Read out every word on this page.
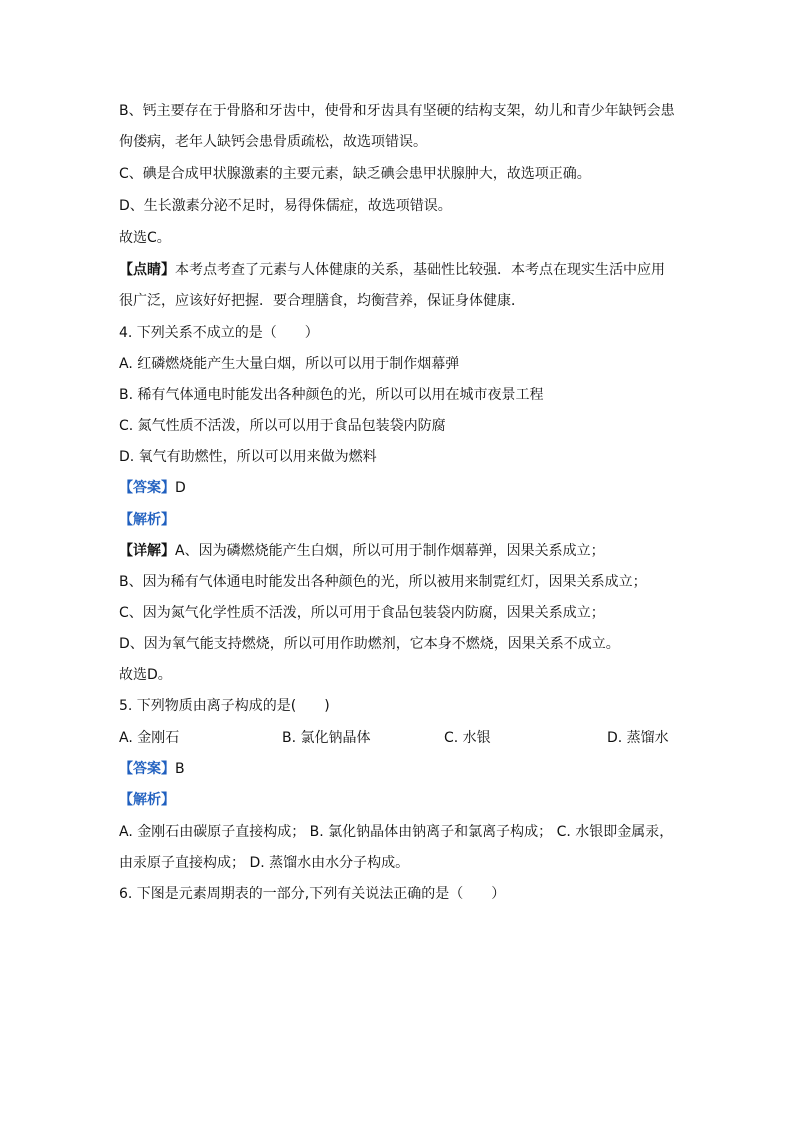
B、钙主要存在于骨胳和牙齿中，使骨和牙齿具有坚硬的结构支架，幼儿和青少年缺钙会患
佝偻病，老年人缺钙会患骨质疏松，故选项错误。
C、碘是合成甲状腺激素的主要元素，缺乏碘会患甲状腺肿大，故选项正确。
D、生长激素分泌不足时，易得侏儒症，故选项错误。
故选C。
【点睛】本考点考查了元素与人体健康的关系，基础性比较强．本考点在现实生活中应用
很广泛，应该好好把握．要合理膳食，均衡营养，保证身体健康．
4. 下列关系不成立的是（　　）
A. 红磷燃烧能产生大量白烟，所以可以用于制作烟幕弹
B. 稀有气体通电时能发出各种颜色的光，所以可以用在城市夜景工程
C. 氮气性质不活泼，所以可以用于食品包装袋内防腐
D. 氧气有助燃性，所以可以用来做为燃料
【答案】D
【解析】
【详解】A、因为磷燃烧能产生白烟，所以可用于制作烟幕弹，因果关系成立；
B、因为稀有气体通电时能发出各种颜色的光，所以被用来制霓红灯，因果关系成立；
C、因为氮气化学性质不活泼，所以可用于食品包装袋内防腐，因果关系成立；
D、因为氧气能支持燃烧，所以可用作助燃剂，它本身不燃烧，因果关系不成立。
故选D。
5. 下列物质由离子构成的是(　　)
A. 金刚石	B. 氯化钠晶体	C. 水银	D. 蒸馏水
【答案】B
【解析】
A. 金刚石由碳原子直接构成； B. 氯化钠晶体由钠离子和氯离子构成； C. 水银即金属汞，
由汞原子直接构成； D. 蒸馏水由水分子构成。
6. 下图是元素周期表的一部分,下列有关说法正确的是（　　）
